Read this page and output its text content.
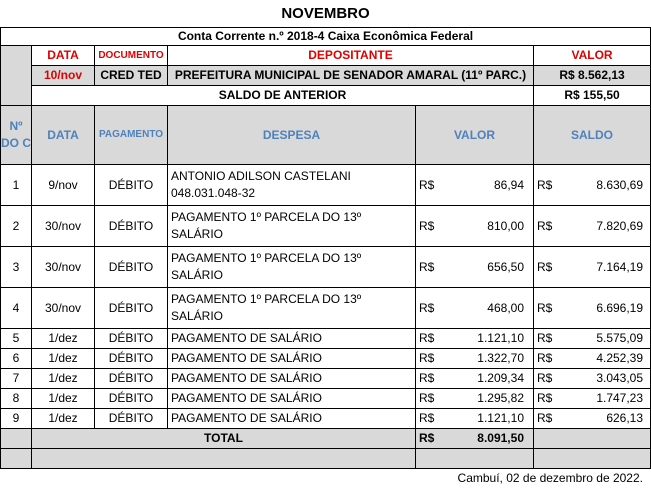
NOVEMBRO					
Conta Corrente n.º 2018-4 Caixa Econômica Federal					
	DATA	DOCUMENTO	DEPOSITANTE		VALOR
	10/nov	CRED TED	PREFEITURA MUNICIPAL DE SENADOR AMARAL (11º PARC.)		R$ 8.562,13
	SALDO DE ANTERIOR				R$ 155,50
Nº DO C	DATA	PAGAMENTO	DESPESA	VALOR	SALDO
1	9/nov	DÉBITO	ANTONIO ADILSON CASTELANI 048.031.048-32	R$ 86,94	R$ 8.630,69

2	30/nov	DÉBITO	PAGAMENTO 1º PARCELA DO 13º SALÁRIO	R$ 810,00	R$ 7.820,69

3	30/nov	DÉBITO	PAGAMENTO 1º PARCELA DO 13º SALÁRIO	R$ 656,50	R$ 7.164,19

4	30/nov	DÉBITO	PAGAMENTO 1º PARCELA DO 13º SALÁRIO	R$ 468,00	R$ 6.696,19

5	1/dez	DÉBITO	PAGAMENTO DE SALÁRIO	R$ 1.121,10	R$ 5.575,09

6	1/dez	DÉBITO	PAGAMENTO DE SALÁRIO	R$ 1.322,70	R$ 4.252,39

7	1/dez	DÉBITO	PAGAMENTO DE SALÁRIO	R$ 1.209,34	R$ 3.043,05

8	1/dez	DÉBITO	PAGAMENTO DE SALÁRIO	R$ 1.295,82	R$ 1.747,23

9	1/dez	DÉBITO	PAGAMENTO DE SALÁRIO	R$ 1.121,10	R$ 626,13

	TOTAL			R$ 8.091,50	

Cambuí, 02 de dezembro de 2022.
